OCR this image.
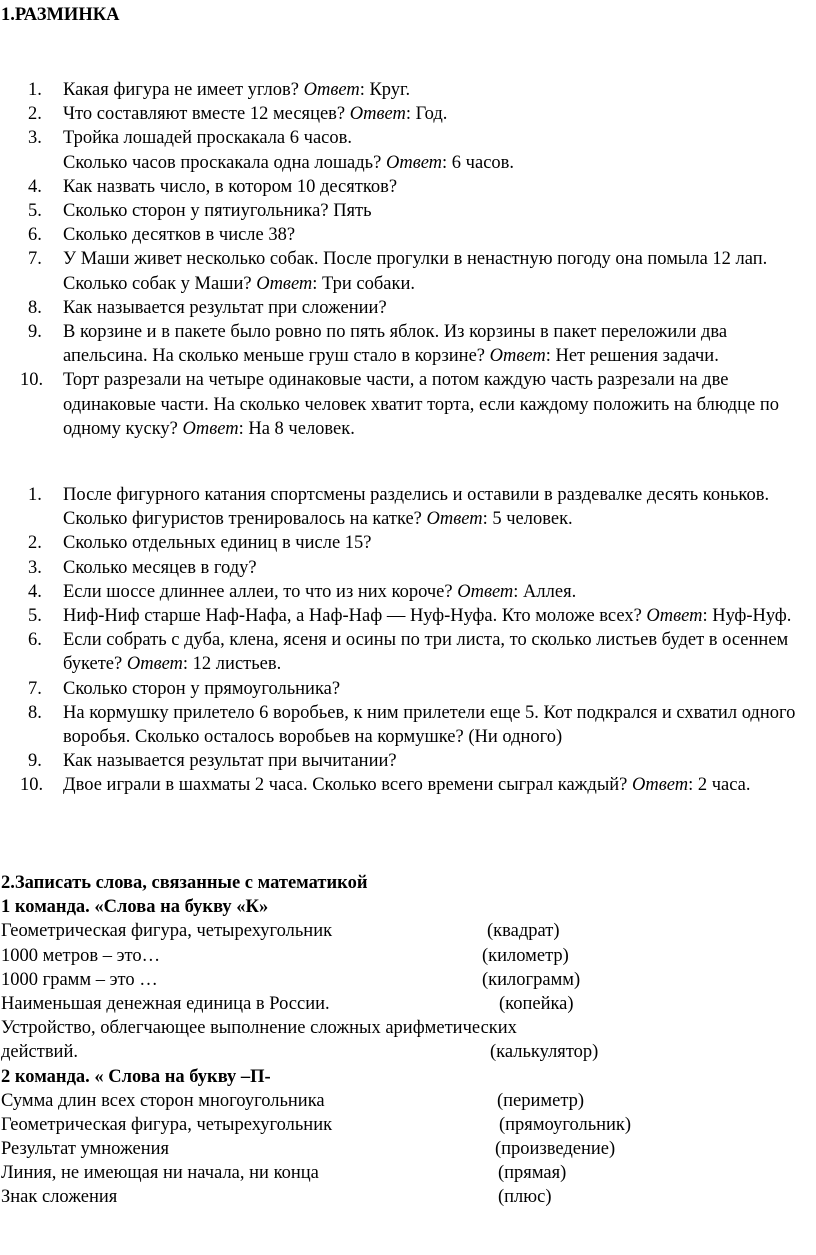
1.РАЗМИНКА
1.	Какая фигура не имеет углов? Ответ: Круг.
2.	Что составляют вместе 12 месяцев? Ответ: Год.
3.	Тройка лошадей проскакала 6 часов.
Сколько часов проскакала одна лошадь? Ответ: 6 часов.
4.	Как назвать число, в котором 10 десятков?
5.	Сколько сторон у пятиугольника? Пять
6.	Сколько десятков в числе 38?
7.	У Маши живет несколько собак. После прогулки в ненастную погоду она помыла 12 лап. Сколько собак у Маши? Ответ: Три собаки.
8.	Как называется результат при сложении?
9.	В корзине и в пакете было ровно по пять яблок. Из корзины в пакет переложили два апельсина. На сколько меньше груш стало в корзине? Ответ: Нет решения задачи.
10. Торт разрезали на четыре одинаковые части, а потом каждую часть разрезали на две одинаковые части. На сколько человек хватит торта, если каждому положить на блюдце по одному куску? Ответ: На 8 человек.
1.	После фигурного катания спортсмены разделись и оставили в раздевалке десять коньков. Сколько фигуристов тренировалось на катке? Ответ: 5 человек.
2.	Сколько отдельных единиц в числе 15?
3.	Сколько месяцев в году?
4.	Если шоссе длиннее аллеи, то что из них короче? Ответ: Аллея.
5.	Ниф-Ниф старше Наф-Нафа, а Наф-Наф — Нуф-Нуфа. Кто моложе всех? Ответ: Нуф-Нуф.
6.	Если собрать с дуба, клена, ясеня и осины по три листа, то сколько листьев будет в осеннем букете? Ответ: 12 листьев.
7.	Сколько сторон у прямоугольника?
8.	На кормушку прилетело 6 воробьев, к ним прилетели еще 5. Кот подкрался и схватил одного воробья. Сколько осталось воробьев на кормушке? (Ни одного)
9.	Как называется результат при вычитании?
10. Двое играли в шахматы 2 часа. Сколько всего времени сыграл каждый? Ответ: 2 часа.
2.Записать слова, связанные с математикой
1 команда. «Слова на букву «К»
Геометрическая фигура, четырехугольник	(квадрат)
1000 метров – это…	(километр)
1000 грамм – это …	(килограмм)
Наименьшая денежная единица в России.	(копейка)
Устройство, облегчающее выполнение сложных арифметических
действий.	(калькулятор)
2 команда. « Слова на букву –П-
Сумма длин всех сторон многоугольника	(периметр)
Геометрическая фигура, четырехугольник	(прямоугольник)
Результат умножения	(произведение)
Линия, не имеющая ни начала, ни конца	(прямая)
Знак сложения	(плюс)
